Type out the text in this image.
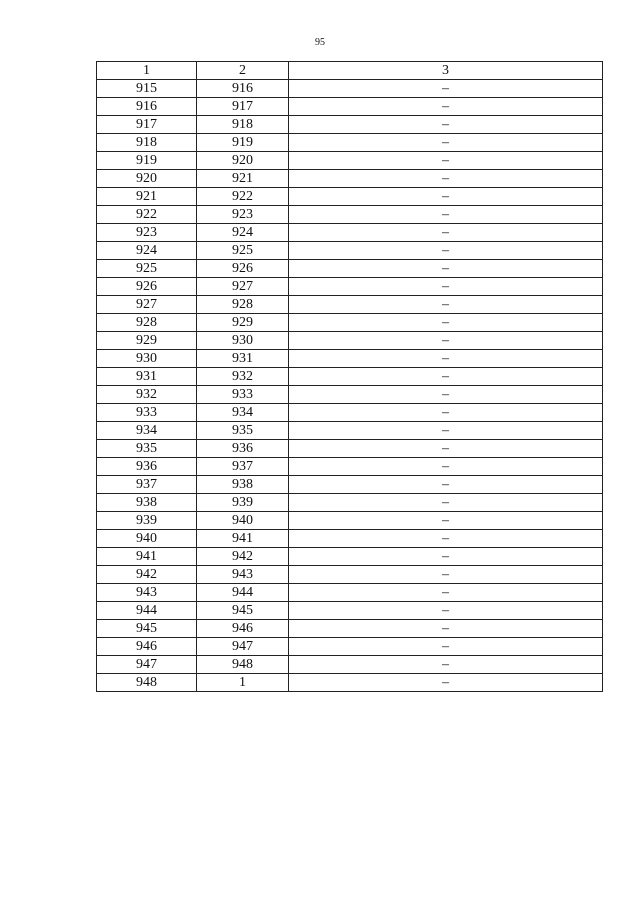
95
1	2	3
915	916	–
916	917	–
917	918	–
918	919	–
919	920	–
920	921	–
921	922	–
922	923	–
923	924	–
924	925	–
925	926	–
926	927	–
927	928	–
928	929	–
929	930	–
930	931	–
931	932	–
932	933	–
933	934	–
934	935	–
935	936	–
936	937	–
937	938	–
938	939	–
939	940	–
940	941	–
941	942	–
942	943	–
943	944	–
944	945	–
945	946	–
946	947	–
947	948	–
948	1	–
